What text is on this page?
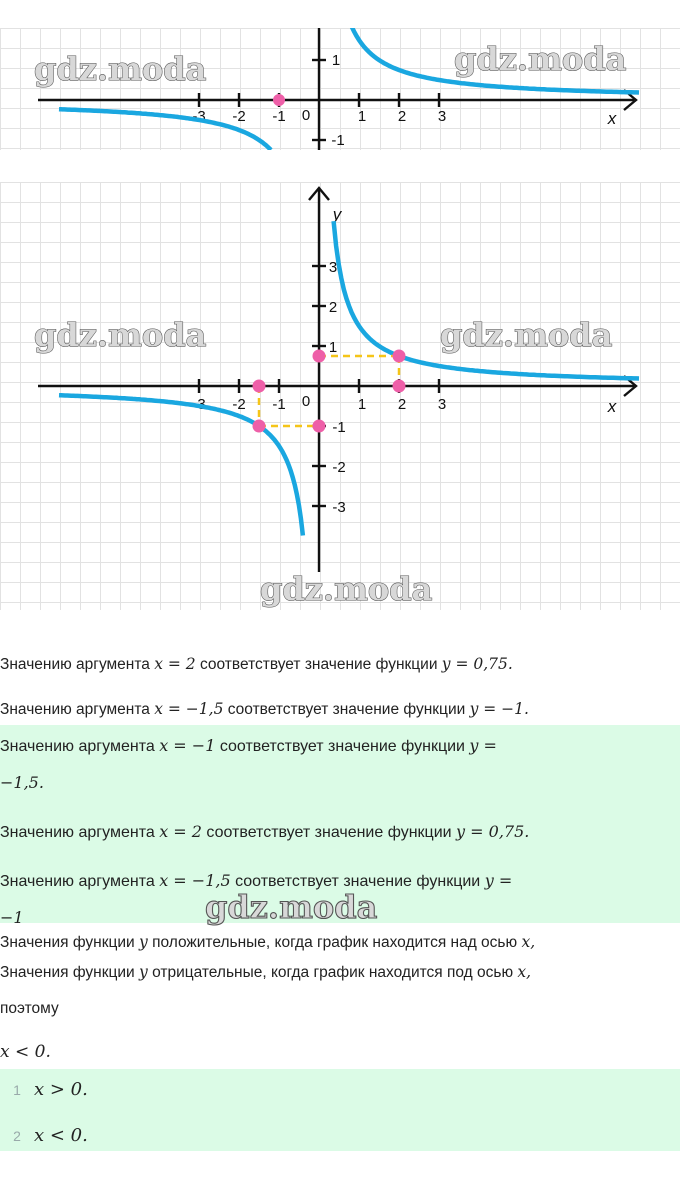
-3 -2 -1	1 2 3
0
1
-1
x
gdz.moda	gdz.moda
-3 -2 -1	1 2 3
0
3
2
1
-1
-2
-3
x
y
gdz.moda	gdz.moda
gdz.moda
Значению аргумента x = 2 соответствует значение функции y = 0,75.
Значению аргумента x = −1,5 соответствует значение функции y = −1.
Значению аргумента x = −1 соответствует значение функции y =
−1,5.
Значению аргумента x = 2 соответствует значение функции y = 0,75.
Значению аргумента x = −1,5 соответствует значение функции y =
−1	gdz.moda
Значения функции y положительные, когда график находится над осью x,
Значения функции y отрицательные, когда график находится под осью x,
поэтому
x < 0.
1 x > 0.
2 x < 0.
